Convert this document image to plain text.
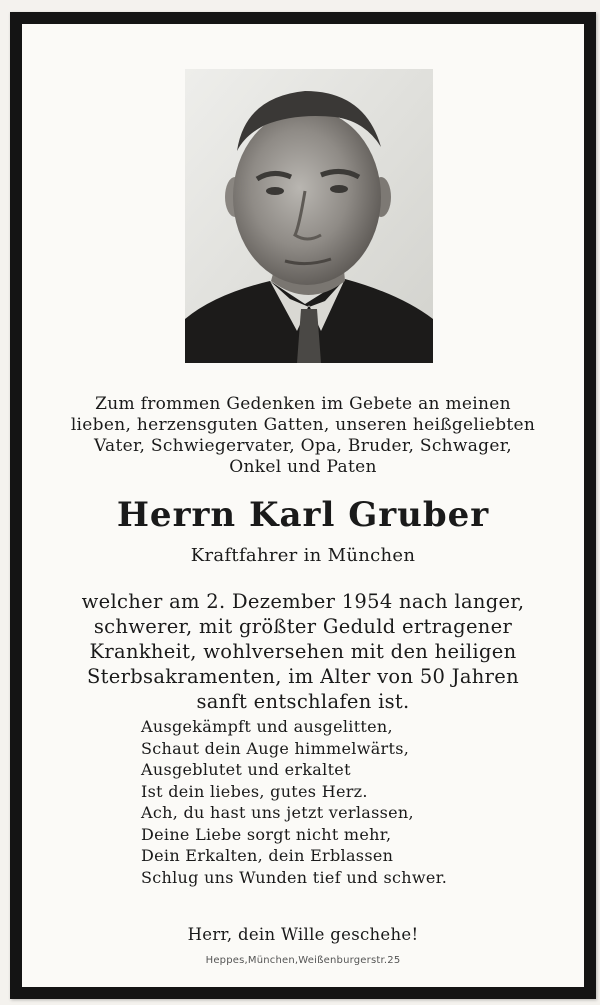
Zum frommen Gedenken im Gebete an meinen
lieben, herzensguten Gatten, unseren heißgeliebten
Vater, Schwiegervater, Opa, Bruder, Schwager,
Onkel und Paten
Herrn Karl Gruber
Kraftfahrer in München
welcher am 2. Dezember 1954 nach langer,
schwerer, mit größter Geduld ertragener
Krankheit, wohlversehen mit den heiligen
Sterbsakramenten, im Alter von 50 Jahren
sanft entschlafen ist.
Ausgekämpft und ausgelitten,
Schaut dein Auge himmelwärts,
Ausgeblutet und erkaltet
Ist dein liebes, gutes Herz.
Ach, du hast uns jetzt verlassen,
Deine Liebe sorgt nicht mehr,
Dein Erkalten, dein Erblassen
Schlug uns Wunden tief und schwer.
Herr, dein Wille geschehe!
Heppes,München,Weißenburgerstr.25
